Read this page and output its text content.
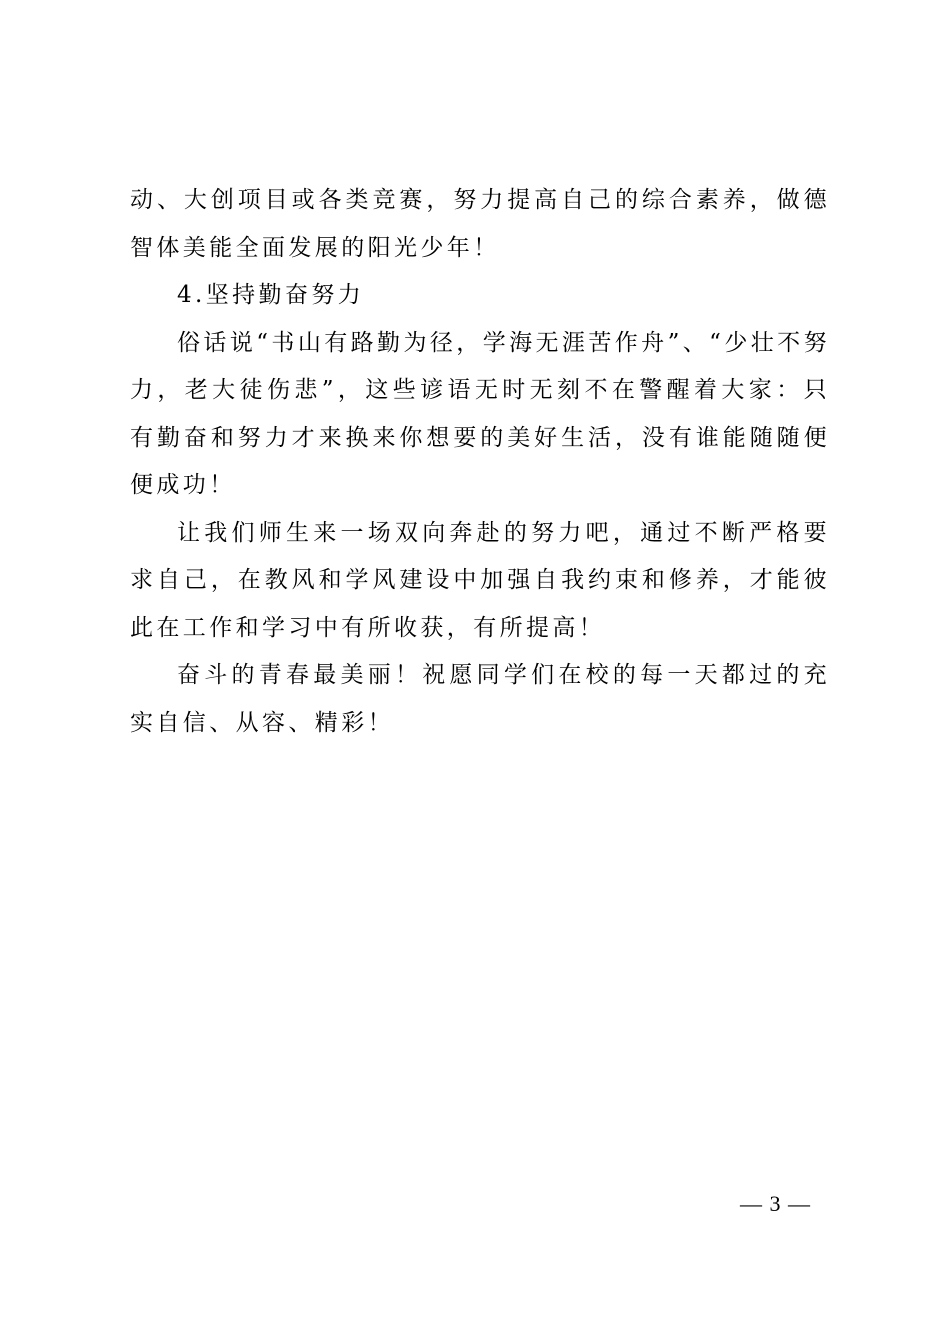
动、大创项目或各类竞赛，努力提高自己的综合素养，做德智体美能全面发展的阳光少年！

4.坚持勤奋努力

俗话说“书山有路勤为径，学海无涯苦作舟”、“少壮不努力，老大徒伤悲”，这些谚语无时无刻不在警醒着大家：只有勤奋和努力才来换来你想要的美好生活，没有谁能随随便便成功！

让我们师生来一场双向奔赴的努力吧，通过不断严格要求自己，在教风和学风建设中加强自我约束和修养，才能彼此在工作和学习中有所收获，有所提高！

奋斗的青春最美丽！祝愿同学们在校的每一天都过的充实自信、从容、精彩！

— 3 —
